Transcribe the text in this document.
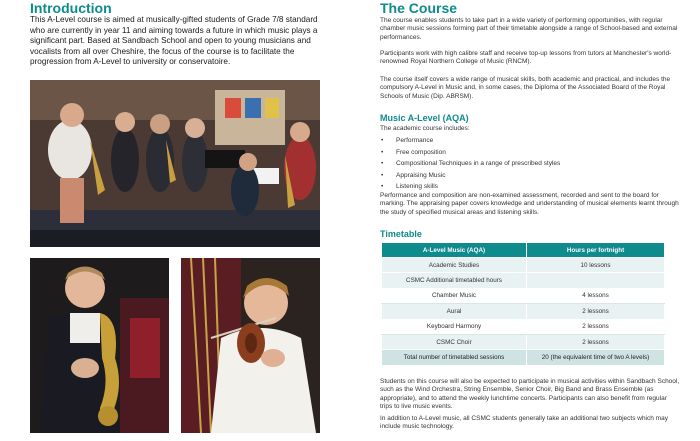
Introduction
This A-Level course is aimed at musically-gifted students of Grade 7/8 standard who are currently in year 11 and aiming towards a future in which music plays a significant part. Based at Sandbach School and open to young musicians and vocalists from all over Cheshire, the focus of the course is to facilitate the progression from A-Level to university or conservatoire.
The Course
The course enables students to take part in a wide variety of performing opportunities, with regular chamber music sessions forming part of their timetable alongside a range of School-based and external performances.
Participants work with high calibre staff and receive top-up lessons from tutors at Manchester's world-renowned Royal Northern College of Music (RNCM).
The course itself covers a wide range of musical skills, both academic and practical, and includes the compulsory A-Level in Music and, in some cases, the Diploma of the Associated Board of the Royal Schools of Music (Dip. ABRSM).
Music A-Level (AQA)
The academic course includes:
• Performance
• Free composition
• Compositional Techniques in a range of prescribed styles
• Appraising Music
• Listening skills
Performance and composition are non-examined assessment, recorded and sent to the board for marking. The appraising paper covers knowledge and understanding of musical elements learnt through the study of specified musical areas and listening skills.
Timetable
A-Level Music (AQA)	Hours per fortnight
Academic Studies	10 lessons
CSMC Additional timetabled hours	
Chamber Music	4 lessons
Aural	2 lessons
Keyboard Harmony	2 lessons
CSMC Choir	2 lessons
Total number of timetabled sessions	20 (the equivalent time of two A levels)
Students on this course will also be expected to participate in musical activities within Sandbach School, such as the Wind Orchestra, String Ensemble, Senior Choir, Big Band and Brass Ensemble (as appropriate), and to attend the weekly lunchtime concerts. Participants can also benefit from regular trips to live music events.
In addition to A-Level music, all CSMC students generally take an additional two subjects which may include music technology.
